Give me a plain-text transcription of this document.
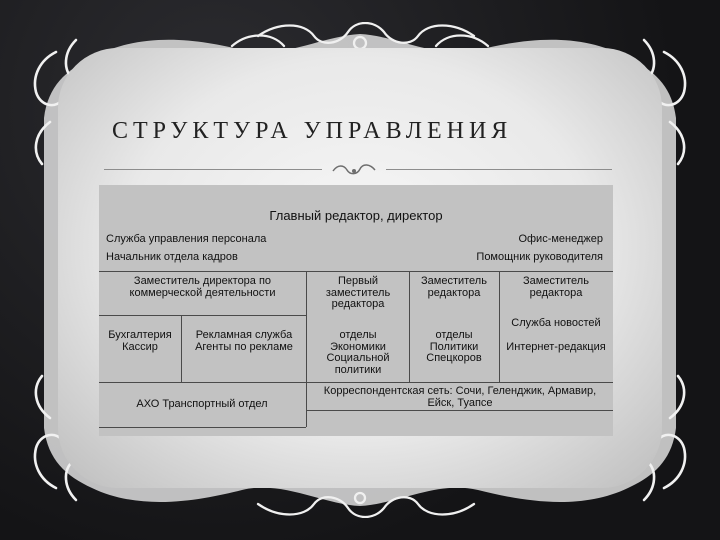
СТРУКТУРА УПРАВЛЕНИЯ
Главный редактор, директор
Служба управления персонала
Начальник отдела кадров
Офис-менеджер
Помощник руководителя
Заместитель директора по коммерческой деятельности
Первый заместитель редактора
Заместитель редактора
Заместитель редактора
Бухгалтерия Кассир
Рекламная служба Агенты по рекламе
отделы Экономики Социальной политики
отделы Политики Спецкоров
Служба новостей
Интернет-редакция
АХО Транспортный отдел
Корреспондентская сеть: Сочи, Геленджик, Армавир, Ейск, Туапсе
